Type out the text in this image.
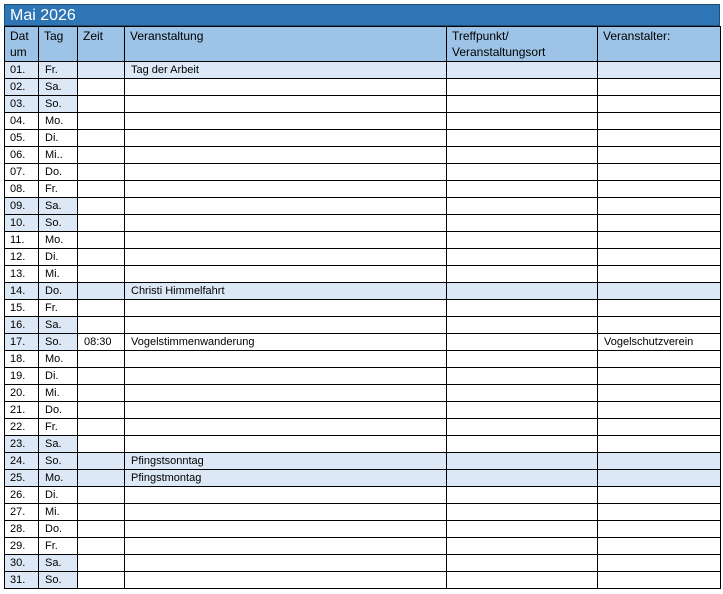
Mai 2026
Dat um	Tag	Zeit	Veranstaltung	Treffpunkt/ Veranstaltungsort	Veranstalter:
01.	Fr.		Tag der Arbeit		
02.	Sa.				
03.	So.				
04.	Mo.				
05.	Di.				
06.	Mi..				
07.	Do.				
08.	Fr.				
09.	Sa.				
10.	So.				
11.	Mo.				
12.	Di.				
13.	Mi.				
14.	Do.		Christi Himmelfahrt		
15.	Fr.				
16.	Sa.				
17.	So.	08:30	Vogelstimmenwanderung		Vogelschutzverein
18.	Mo.				
19.	Di.				
20.	Mi.				
21.	Do.				
22.	Fr.				
23.	Sa.				
24.	So.		Pfingstsonntag		
25.	Mo.		Pfingstmontag		
26.	Di.				
27.	Mi.				
28.	Do.				
29.	Fr.				
30.	Sa.				
31.	So.				
